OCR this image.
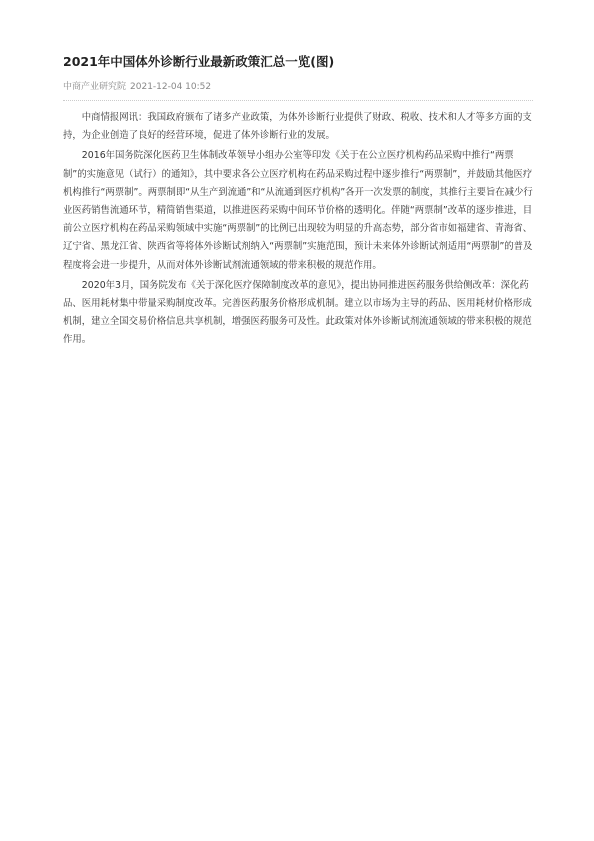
2021年中国体外诊断行业最新政策汇总一览(图)
中商产业研究院 2021-12-04 10:52

中商情报网讯：我国政府颁布了诸多产业政策，为体外诊断行业提供了财政、税收、技术和人才等多方面的支持，为企业创造了良好的经营环境，促进了体外诊断行业的发展。

2016年国务院深化医药卫生体制改革领导小组办公室等印发《关于在公立医疗机构药品采购中推行“两票制”的实施意见（试行）的通知》，其中要求各公立医疗机构在药品采购过程中逐步推行“两票制”，并鼓励其他医疗机构推行“两票制”。两票制即“从生产到流通”和“从流通到医疗机构”各开一次发票的制度，其推行主要旨在减少行业医药销售流通环节，精简销售渠道，以推进医药采购中间环节价格的透明化。伴随“两票制”改革的逐步推进，目前公立医疗机构在药品采购领域中实施“两票制”的比例已出现较为明显的升高态势，部分省市如福建省、青海省、辽宁省、黑龙江省、陕西省等将体外诊断试剂纳入“两票制”实施范围，预计未来体外诊断试剂适用“两票制”的普及程度将会进一步提升，从而对体外诊断试剂流通领域的带来积极的规范作用。

2020年3月，国务院发布《关于深化医疗保障制度改革的意见》，提出协同推进医药服务供给侧改革：深化药品、医用耗材集中带量采购制度改革。完善医药服务价格形成机制。建立以市场为主导的药品、医用耗材价格形成机制，建立全国交易价格信息共享机制，增强医药服务可及性。此政策对体外诊断试剂流通领域的带来积极的规范作用。
